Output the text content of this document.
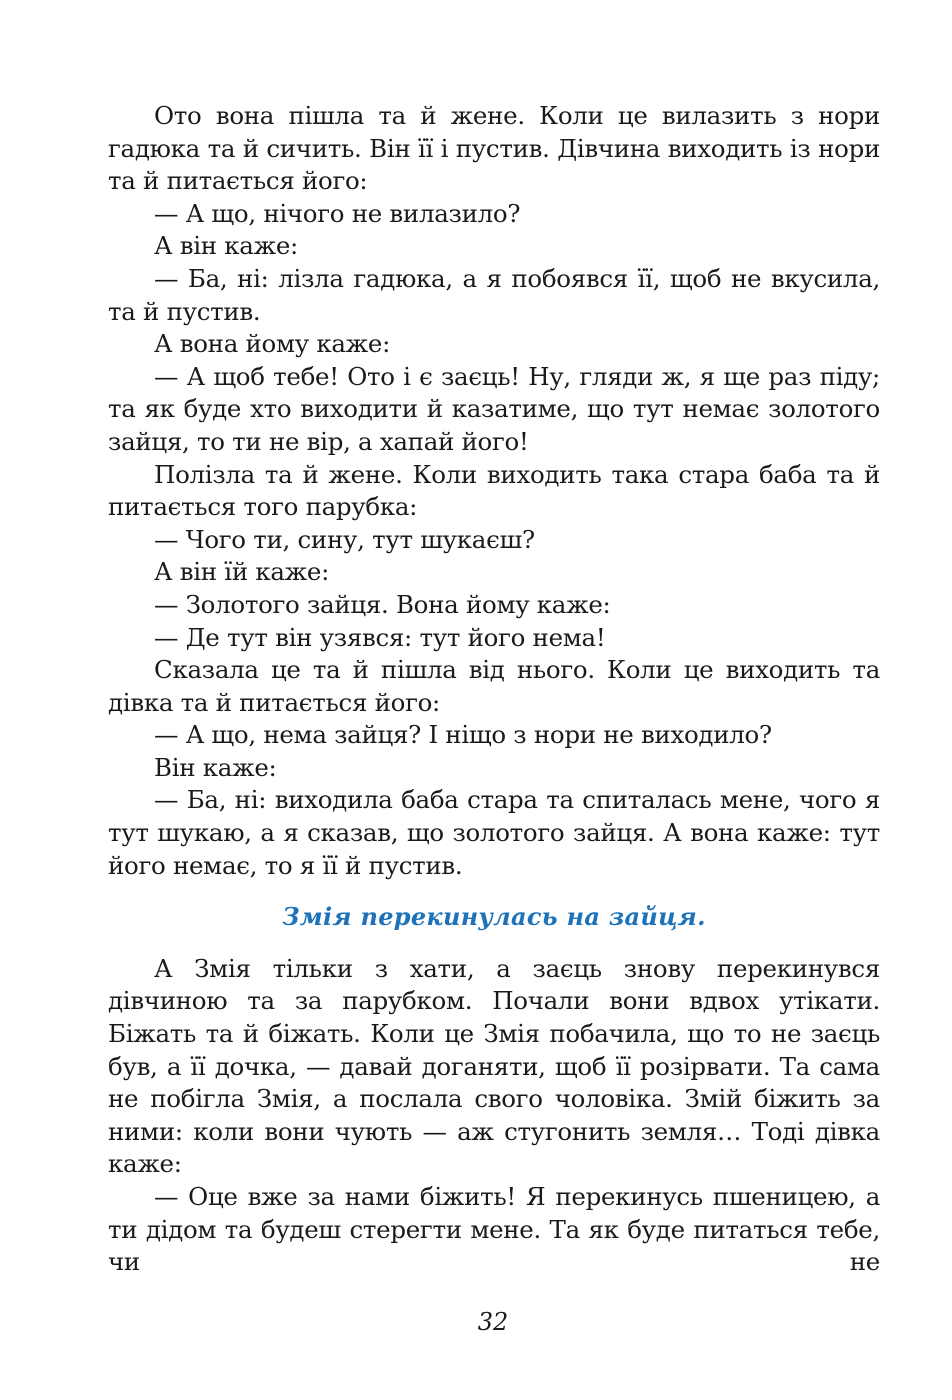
Ото вона пішла та й жене. Коли це вилазить з нори гадюка та й сичить. Він її і пустив. Дівчина виходить із нори та й питається його:

— А що, нічого не вилазило?

А він каже:

— Ба, ні: лізла гадюка, а я побоявся її, щоб не вкусила, та й пустив.

А вона йому каже:

— А щоб тебе! Ото і є заєць! Ну, гляди ж, я ще раз піду; та як буде хто виходити й казатиме, що тут немає золотого зайця, то ти не вір, а хапай його!

Полізла та й жене. Коли виходить така стара баба та й питається того парубка:

— Чого ти, сину, тут шукаєш?

А він їй каже:

— Золотого зайця. Вона йому каже:

— Де тут він узявся: тут його нема!

Сказала це та й пішла від нього. Коли це виходить та дівка та й питається його:

— А що, нема зайця? І ніщо з нори не виходило?

Він каже:

— Ба, ні: виходила баба стара та спиталась мене, чого я тут шукаю, а я сказав, що золотого зайця. А вона каже: тут його немає, то я її й пустив.

Змія перекинулась на зайця.

А Змія тільки з хати, а заєць знову перекинувся дівчиною та за парубком. Почали вони вдвох утікати. Біжать та й біжать. Коли це Змія побачила, що то не заєць був, а її дочка, — давай доганяти, щоб її розірвати. Та сама не побігла Змія, а послала свого чоловіка. Змій біжить за ними: коли вони чують — аж стугонить земля… Тоді дівка каже:

— Оце вже за нами біжить! Я перекинусь пшеницею, а ти дідом та будеш стерегти мене. Та як буде питаться тебе, чи не

32
